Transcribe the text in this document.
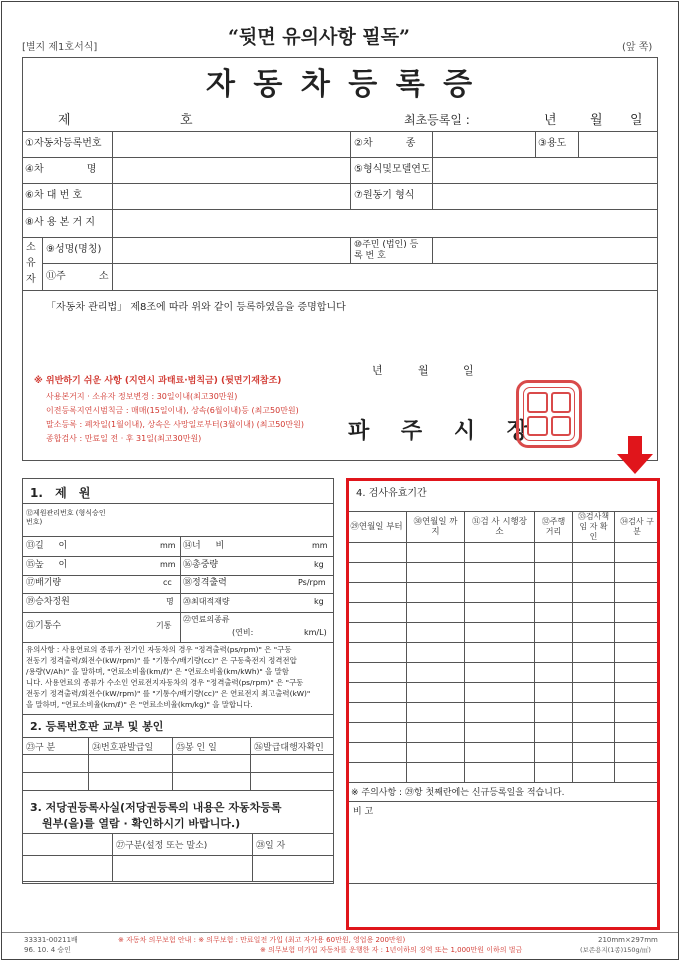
[별지 제1호서식]	“뒷면 유의사항 필독”	(앞 쪽)
자 동 차 등 록 증
제	호	최초등록일 :	년	월 일
①자동차등록번호	②차 종	③용도
④차 명	⑤형식및모델연도
⑥차 대 번 호	⑦원동기 형식
⑧사 용 본 거 지
소유자
⑨성명(명칭)	⑩주민 (법인) 등 록 번 호
⑪주 소
「자동차 관리법」 제8조에 따라 위와 같이 등록하였음을 증명합니다
년	월	일
※ 위반하기 쉬운 사항 (지연시 과태료·범칙금) (뒷면기재참조)
사용본거지 · 소유자 정보변경 : 30일이내(최고30만원)
이전등록지연시범칙금 : 매매(15일이내), 상속(6월이내)등 (최고50만원)
말소등록 : 폐차일(1월이내), 상속은 사망일로부터(3월이내) (최고50만원)
종합검사 : 만료일 전 · 후 31일(최고30만원)	파 주 시 장
1. 제 원
⑫제원관리번호 (형식승인번호)
⑬길 이	mm ⑭너 비	mm
⑮높 이	mm ⑯총중량	kg
⑰배기량	cc ⑱정격출력	Ps/rpm
⑲승차정원	명 ⑳최대적재량	kg
㉑기통수	기통
㉒연료의종류
(연비:	km/L)
유의사항 : 사용연료의 종류가 전기인 자동차의 경우 "정격출력(ps/rpm)" 은 "구동
전동기 정격출력/회전수(kW/rpm)" 를 "기통수/배기량(cc)" 은 구동축전지 정격전압
/용량(V/Ah)" 을 말하며, "연료소비율(km/ℓ)" 은 "연료소비율(km/kWh)" 을 말함
니다. 사용연료의 종류가 수소인 연료전지자동차의 경우 "정격출력(ps/rpm)" 은 "구동
전동기 정격출력/회전수(kW/rpm)" 를 "기통수/배기량(cc)" 은 연료전지 최고출력(kW)"
을 말하며, "연료소비율(km/ℓ)" 은 "연료소비율(km/kg)" 을 말합니다.
2. 등록번호판 교부 및 봉인
㉓구 분	㉔번호판발급일	㉕봉 인 일	㉖발급대행자확인

3. 저당권등록사실(저당권등록의 내용은 자동차등록
원부(을)를 열람 · 확인하시기 바랍니다.)
	㉗구분(설정 또는 말소)	㉘일 자

4. 검사유효기간
㉙연월일 부터	㉚연월일 까지	㉛검 사 시행장소	㉜주행 거리	㉝검사책임 자 확인	㉞검사 구분

※ 주의사항 : ㉙항 첫째란에는 신규등록일을 적습니다.
비 고
33331-00211배
96. 10. 4 승인
※ 자동차 의무보험 안내 : ※ 의무보험 : 만료일전 가입 (최고 자가용 60만원, 영업용 200만원)
※ 의무보험 미가입 자동차를 운행한 자 : 1년이하의 징역 또는 1,000만원 이하의 벌금
210mm×297mm
(보존용지(1종)150g/㎡)
